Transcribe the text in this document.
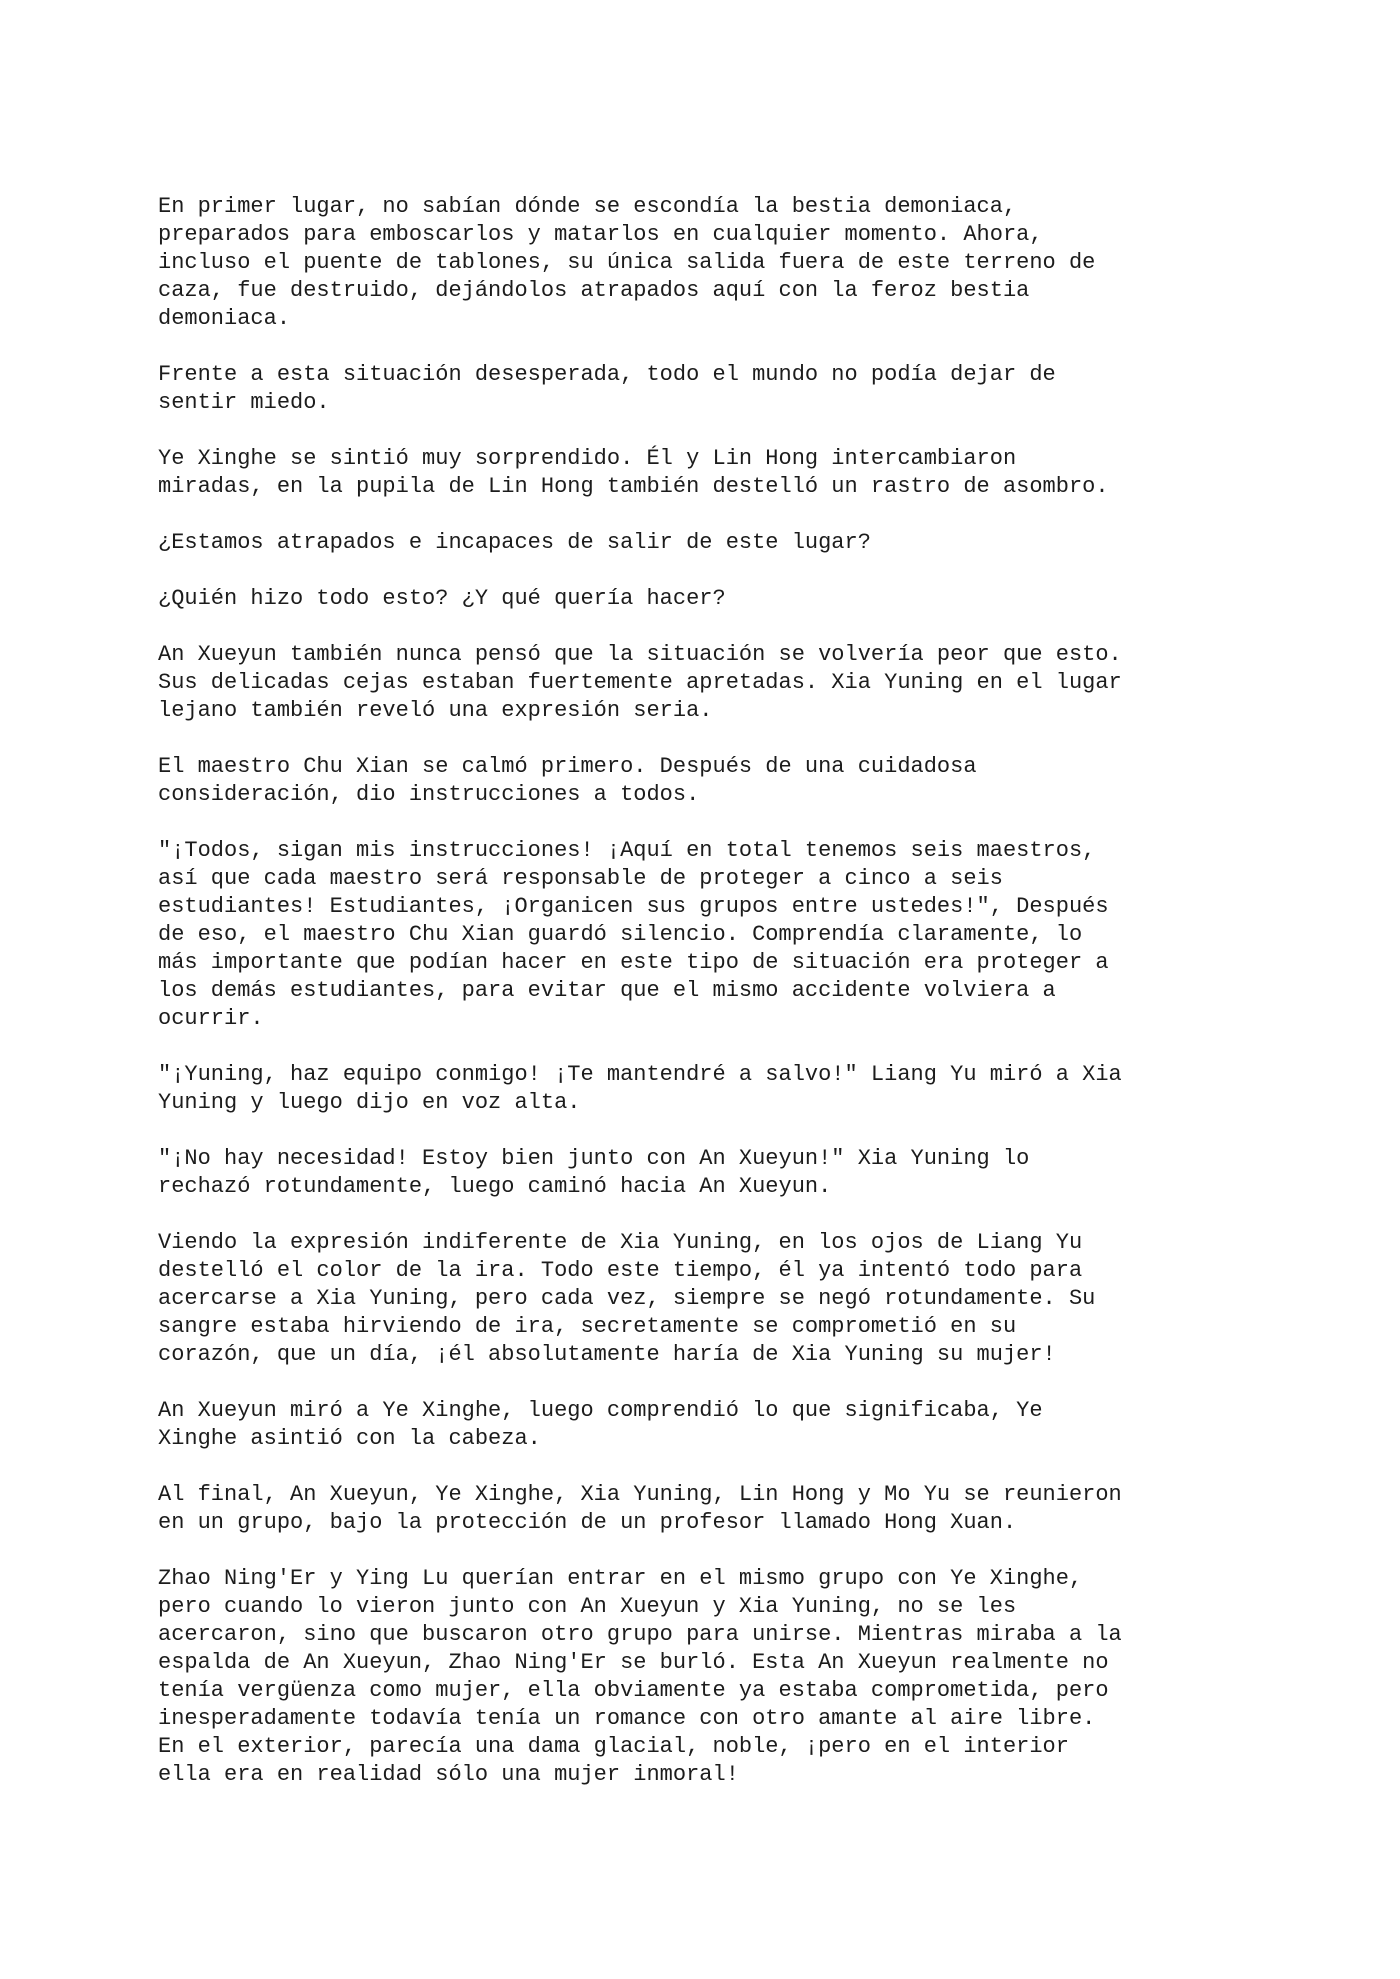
En primer lugar, no sabían dónde se escondía la bestia demoniaca,
preparados para emboscarlos y matarlos en cualquier momento. Ahora,
incluso el puente de tablones, su única salida fuera de este terreno de
caza, fue destruido, dejándolos atrapados aquí con la feroz bestia
demoniaca.
Frente a esta situación desesperada, todo el mundo no podía dejar de
sentir miedo.
Ye Xinghe se sintió muy sorprendido. Él y Lin Hong intercambiaron
miradas, en la pupila de Lin Hong también destelló un rastro de asombro.
¿Estamos atrapados e incapaces de salir de este lugar?
¿Quién hizo todo esto? ¿Y qué quería hacer?
An Xueyun también nunca pensó que la situación se volvería peor que esto.
Sus delicadas cejas estaban fuertemente apretadas. Xia Yuning en el lugar
lejano también reveló una expresión seria.
El maestro Chu Xian se calmó primero. Después de una cuidadosa
consideración, dio instrucciones a todos.
"¡Todos, sigan mis instrucciones! ¡Aquí en total tenemos seis maestros,
así que cada maestro será responsable de proteger a cinco a seis
estudiantes! Estudiantes, ¡Organicen sus grupos entre ustedes!", Después
de eso, el maestro Chu Xian guardó silencio. Comprendía claramente, lo
más importante que podían hacer en este tipo de situación era proteger a
los demás estudiantes, para evitar que el mismo accidente volviera a
ocurrir.
"¡Yuning, haz equipo conmigo! ¡Te mantendré a salvo!" Liang Yu miró a Xia
Yuning y luego dijo en voz alta.
"¡No hay necesidad! Estoy bien junto con An Xueyun!" Xia Yuning lo
rechazó rotundamente, luego caminó hacia An Xueyun.
Viendo la expresión indiferente de Xia Yuning, en los ojos de Liang Yu
destelló el color de la ira. Todo este tiempo, él ya intentó todo para
acercarse a Xia Yuning, pero cada vez, siempre se negó rotundamente. Su
sangre estaba hirviendo de ira, secretamente se comprometió en su
corazón, que un día, ¡él absolutamente haría de Xia Yuning su mujer!
An Xueyun miró a Ye Xinghe, luego comprendió lo que significaba, Ye
Xinghe asintió con la cabeza.
Al final, An Xueyun, Ye Xinghe, Xia Yuning, Lin Hong y Mo Yu se reunieron
en un grupo, bajo la protección de un profesor llamado Hong Xuan.
Zhao Ning'Er y Ying Lu querían entrar en el mismo grupo con Ye Xinghe,
pero cuando lo vieron junto con An Xueyun y Xia Yuning, no se les
acercaron, sino que buscaron otro grupo para unirse. Mientras miraba a la
espalda de An Xueyun, Zhao Ning'Er se burló. Esta An Xueyun realmente no
tenía vergüenza como mujer, ella obviamente ya estaba comprometida, pero
inesperadamente todavía tenía un romance con otro amante al aire libre.
En el exterior, parecía una dama glacial, noble, ¡pero en el interior
ella era en realidad sólo una mujer inmoral!
